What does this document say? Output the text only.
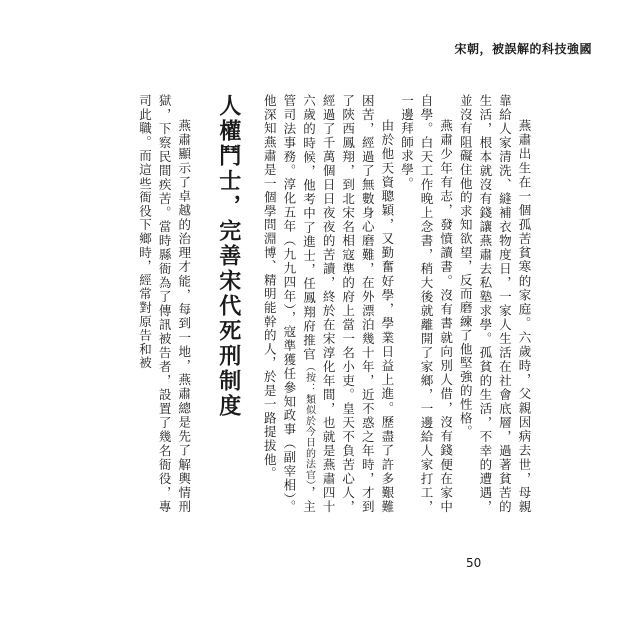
宋朝，被誤解的科技強國

燕肅出生在一個孤苦貧寒的家庭。六歲時，父親因病去世，母親靠給人家清洗、縫補衣物度日，一家人生活在社會底層，過著貧苦的生活，根本就沒有錢讓燕肅去私塾求學。孤貧的生活，不幸的遭遇，並沒有阻礙住他的求知欲望，反而磨練了他堅強的性格。

燕肅少年有志，發憤讀書。沒有書就向別人借，沒有錢便在家中自學。白天工作晚上念書，稍大後就離開了家鄉，一邊給人家打工，一邊拜師求學。

由於他天資聰穎，又勤奮好學，學業日益上進。歷盡了許多艱難困苦，經過了無數身心磨難，在外漂泊幾十年，近不惑之年時，才到了陝西鳳翔，到北宋名相寇準的府上當一名小吏。皇天不負苦心人，經過了千萬個日日夜夜的苦讀，終於在宋淳化年間，也就是燕肅四十六歲的時候，他考中了進士，任鳳翔府推官（按：類似於今日的法官），主管司法事務。淳化五年（九九四年），寇準獲任參知政事（副宰相）。他深知燕肅是一個學問淵博、精明能幹的人，於是一路提拔他。

人權鬥士，完善宋代死刑制度

燕肅顯示了卓越的治理才能，每到一地，燕肅總是先了解輿情刑獄，下察民間疾苦。當時縣衙為了傳訊被告者，設置了幾名衙役，專司此職。而這些衙役下鄉時，經常對原告和被

50
